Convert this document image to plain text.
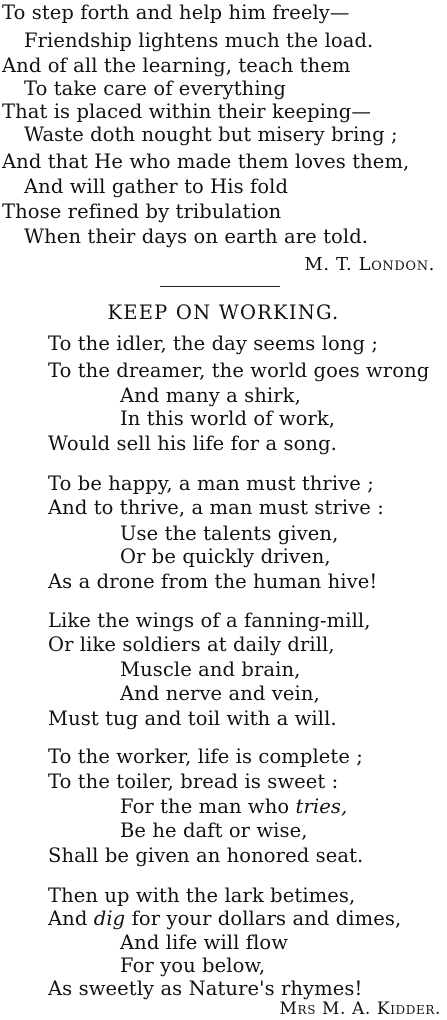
To step forth and help him freely—
Friendship lightens much the load.
And of all the learning, teach them
To take care of everything
That is placed within their keeping—
Waste doth nought but misery bring ;
And that He who made them loves them,
And will gather to His fold
Those refined by tribulation
When their days on earth are told.
M. T. London.
KEEP ON WORKING.
To the idler, the day seems long ;
To the dreamer, the world goes wrong
And many a shirk,
In this world of work,
Would sell his life for a song.
To be happy, a man must thrive ;
And to thrive, a man must strive :
Use the talents given,
Or be quickly driven,
As a drone from the human hive!
Like the wings of a fanning-mill,
Or like soldiers at daily drill,
Muscle and brain,
And nerve and vein,
Must tug and toil with a will.
To the worker, life is complete ;
To the toiler, bread is sweet :
For the man who tries,
Be he daft or wise,
Shall be given an honored seat.
Then up with the lark betimes,
And dig for your dollars and dimes,
And life will flow
For you below,
As sweetly as Nature's rhymes!
Mrs M. A. Kidder.
